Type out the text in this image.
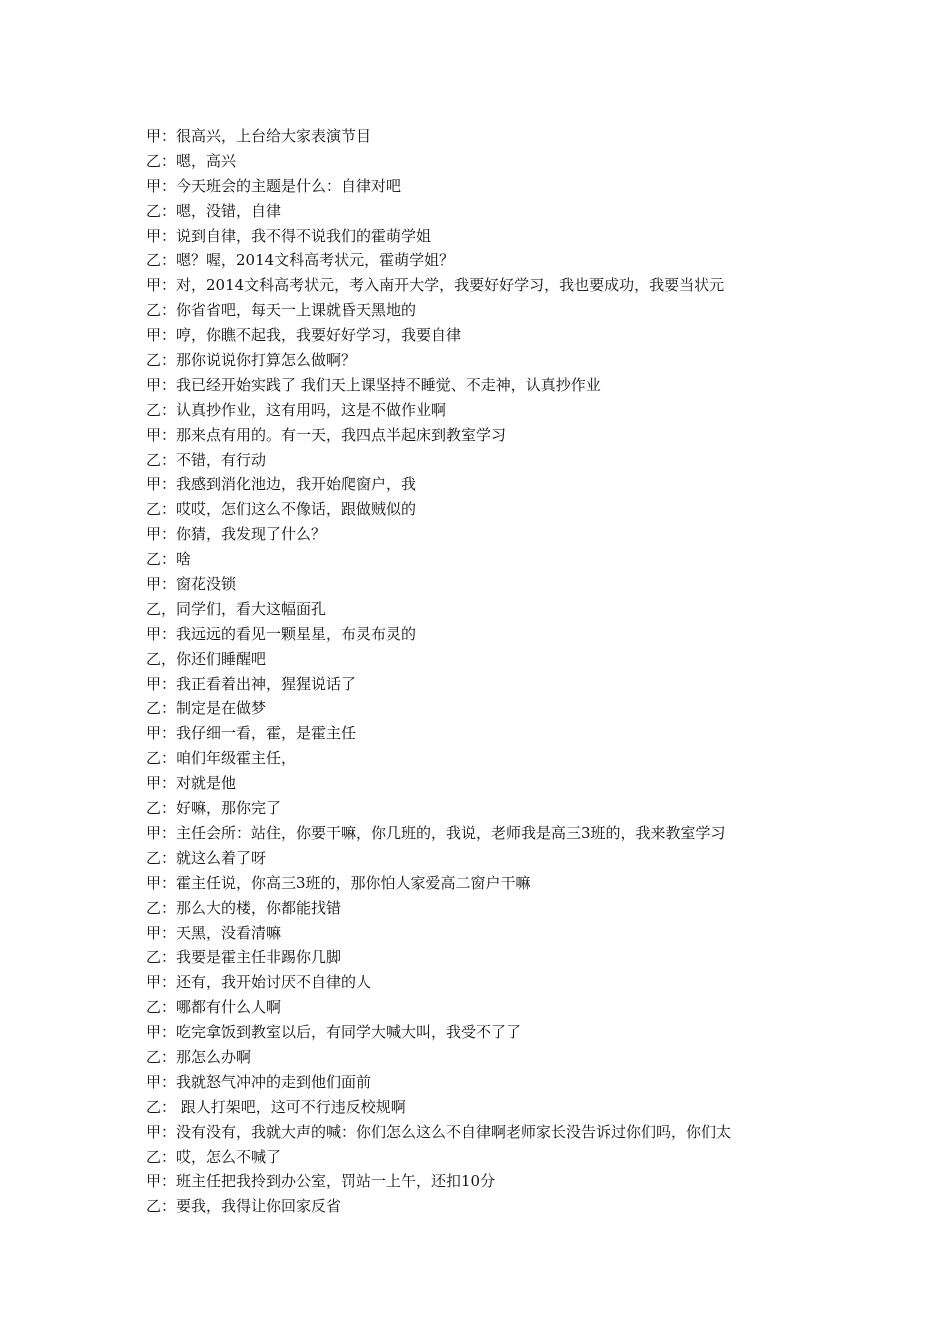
甲：很高兴，上台给大家表演节目
乙：嗯，高兴
甲：今天班会的主题是什么：自律对吧
乙：嗯，没错，自律
甲：说到自律，我不得不说我们的霍萌学姐
乙：嗯？喔，2014文科高考状元，霍萌学姐？
甲：对，2014文科高考状元，考入南开大学，我要好好学习，我也要成功，我要当状元
乙：你省省吧，每天一上课就昏天黑地的
甲：哼，你瞧不起我，我要好好学习，我要自律
乙：那你说说你打算怎么做啊？
甲：我已经开始实践了 我们天上课坚持不睡觉、不走神，认真抄作业
乙：认真抄作业，这有用吗，这是不做作业啊
甲：那来点有用的。有一天，我四点半起床到教室学习
乙：不错，有行动
甲：我感到消化池边，我开始爬窗户，我
乙：哎哎，怎们这么不像话，跟做贼似的
甲：你猜，我发现了什么？
乙：啥
甲：窗花没锁
乙，同学们，看大这幅面孔
甲：我远远的看见一颗星星，布灵布灵的
乙，你还们睡醒吧
甲：我正看着出神，猩猩说话了
乙：制定是在做梦
甲：我仔细一看，霍，是霍主任
乙：咱们年级霍主任，
甲：对就是他
乙：好嘛，那你完了
甲：主任会所：站住，你要干嘛，你几班的，我说，老师我是高三3班的，我来教室学习
乙：就这么着了呀
甲：霍主任说，你高三3班的，那你怕人家爱高二窗户干嘛
乙：那么大的楼，你都能找错
甲：天黑，没看清嘛
乙：我要是霍主任非踢你几脚
甲：还有，我开始讨厌不自律的人
乙：哪都有什么人啊
甲：吃完拿饭到教室以后，有同学大喊大叫，我受不了了
乙：那怎么办啊
甲：我就怒气冲冲的走到他们面前
乙： 跟人打架吧，这可不行违反校规啊
甲：没有没有，我就大声的喊：你们怎么这么不自律啊老师家长没告诉过你们吗，你们太
乙：哎，怎么不喊了
甲：班主任把我拎到办公室，罚站一上午，还扣10分
乙：要我，我得让你回家反省
